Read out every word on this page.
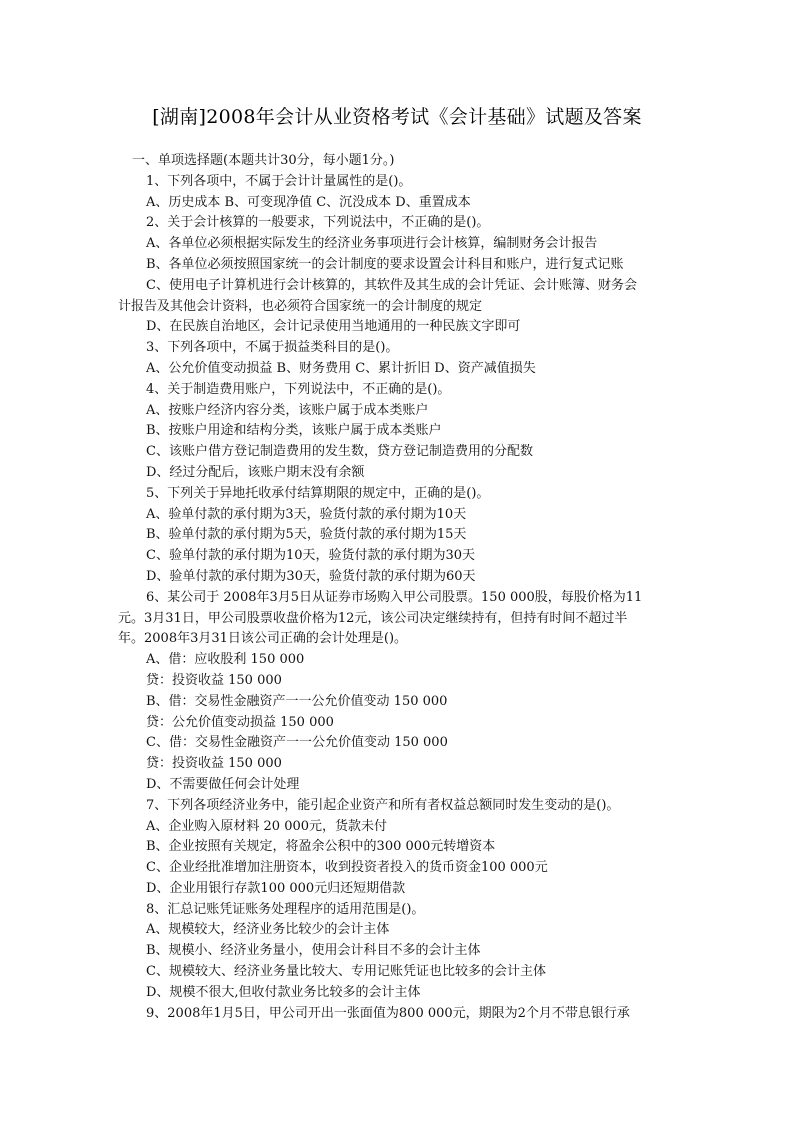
[湖南]2008年会计从业资格考试《会计基础》试题及答案
一、单项选择题(本题共计30分，每小题1分。)
1、下列各项中，不属于会计计量属性的是()。
A、历史成本 B、可变现净值 C、沉没成本 D、重置成本
2、关于会计核算的一般要求，下列说法中，不正确的是()。
A、各单位必须根据实际发生的经济业务事项进行会计核算，编制财务会计报告
B、各单位必须按照国家统一的会计制度的要求设置会计科目和账户，进行复式记账
C、使用电子计算机进行会计核算的，其软件及其生成的会计凭证、会计账簿、财务会
计报告及其他会计资料，也必须符合国家统一的会计制度的规定
D、在民族自治地区，会计记录使用当地通用的一种民族文字即可
3、下列各项中，不属于损益类科目的是()。
A、公允价值变动损益 B、财务费用 C、累计折旧 D、资产减值损失
4、关于制造费用账户，下列说法中，不正确的是()。
A、按账户经济内容分类，该账户属于成本类账户
B、按账户用途和结构分类，该账户属于成本类账户
C、该账户借方登记制造费用的发生数，贷方登记制造费用的分配数
D、经过分配后，该账户期末没有余额
5、下列关于异地托收承付结算期限的规定中，正确的是()。
A、验单付款的承付期为3天，验货付款的承付期为10天
B、验单付款的承付期为5天，验货付款的承付期为15天
C、验单付款的承付期为10天，验货付款的承付期为30天
D、验单付款的承付期为30天，验货付款的承付期为60天
6、某公司于 2008年3月5日从证券市场购入甲公司股票。150 000股，每股价格为11
元。3月31日，甲公司股票收盘价格为12元，该公司决定继续持有，但持有时间不超过半
年。2008年3月31日该公司正确的会计处理是()。
A、借：应收股利 150 000
贷：投资收益 150 000
B、借：交易性金融资产一一公允价值变动 150 000
贷：公允价值变动损益 150 000
C、借：交易性金融资产一一公允价值变动 150 000
贷：投资收益 150 000
D、不需要做任何会计处理
7、下列各项经济业务中，能引起企业资产和所有者权益总额同时发生变动的是()。
A、企业购入原材料 20 000元，货款未付
B、企业按照有关规定，将盈余公积中的300 000元转增资本
C、企业经批准增加注册资本，收到投资者投入的货币资金100 000元
D、企业用银行存款100 000元归还短期借款
8、汇总记账凭证账务处理程序的适用范围是()。
A、规模较大，经济业务比较少的会计主体
B、规模小、经济业务量小，使用会计科目不多的会计主体
C、规模较大、经济业务量比较大、专用记账凭证也比较多的会计主体
D、规模不很大,但收付款业务比较多的会计主体
9、2008年1月5日，甲公司开出一张面值为800 000元，期限为2个月不带息银行承
